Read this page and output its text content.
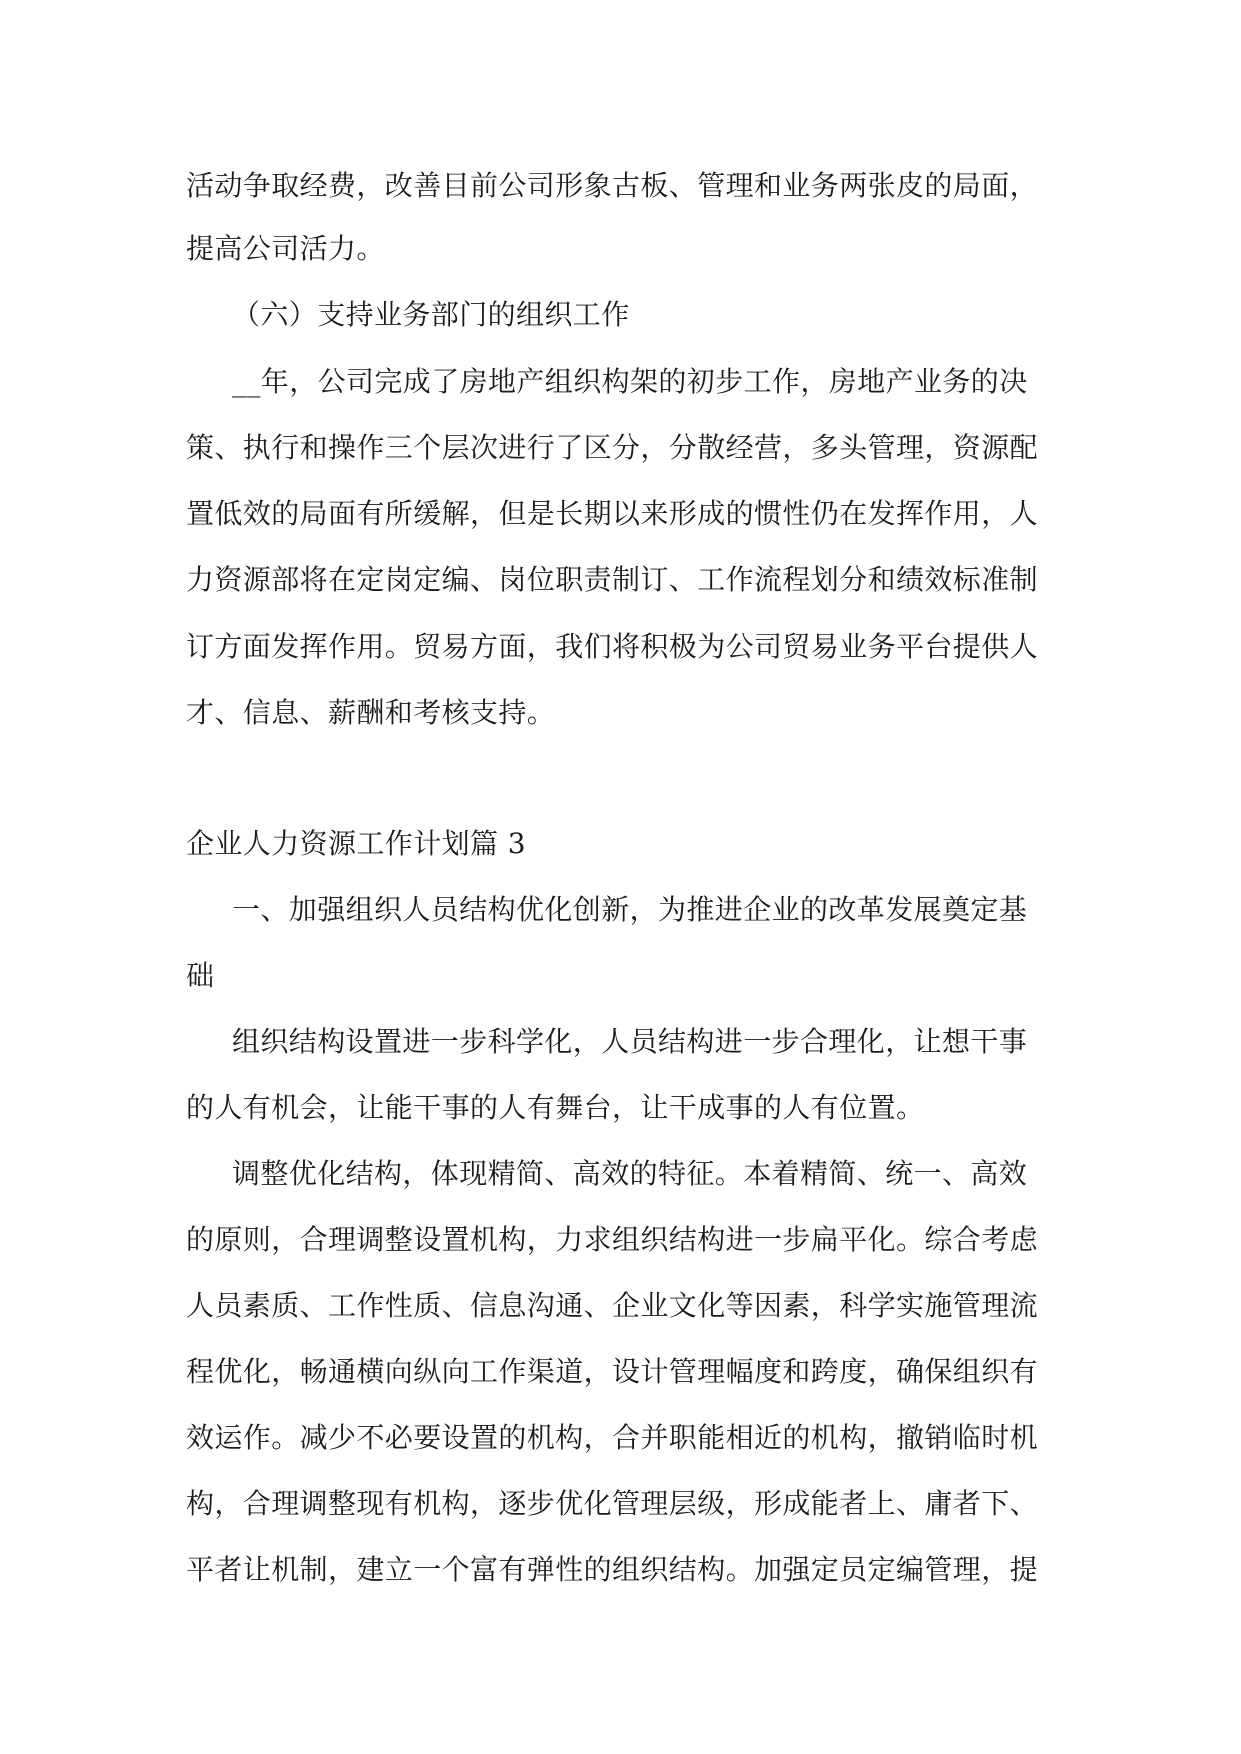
活动争取经费，改善目前公司形象古板、管理和业务两张皮的局面，
提高公司活力。
（六）支持业务部门的组织工作
__年，公司完成了房地产组织构架的初步工作，房地产业务的决
策、执行和操作三个层次进行了区分，分散经营，多头管理，资源配
置低效的局面有所缓解，但是长期以来形成的惯性仍在发挥作用，人
力资源部将在定岗定编、岗位职责制订、工作流程划分和绩效标准制
订方面发挥作用。贸易方面，我们将积极为公司贸易业务平台提供人
才、信息、薪酬和考核支持。
企业人力资源工作计划篇 3
一、加强组织人员结构优化创新，为推进企业的改革发展奠定基
础
组织结构设置进一步科学化，人员结构进一步合理化，让想干事
的人有机会，让能干事的人有舞台，让干成事的人有位置。
调整优化结构，体现精简、高效的特征。本着精简、统一、高效
的原则，合理调整设置机构，力求组织结构进一步扁平化。综合考虑
人员素质、工作性质、信息沟通、企业文化等因素，科学实施管理流
程优化，畅通横向纵向工作渠道，设计管理幅度和跨度，确保组织有
效运作。减少不必要设置的机构，合并职能相近的机构，撤销临时机
构，合理调整现有机构，逐步优化管理层级，形成能者上、庸者下、
平者让机制，建立一个富有弹性的组织结构。加强定员定编管理，提
